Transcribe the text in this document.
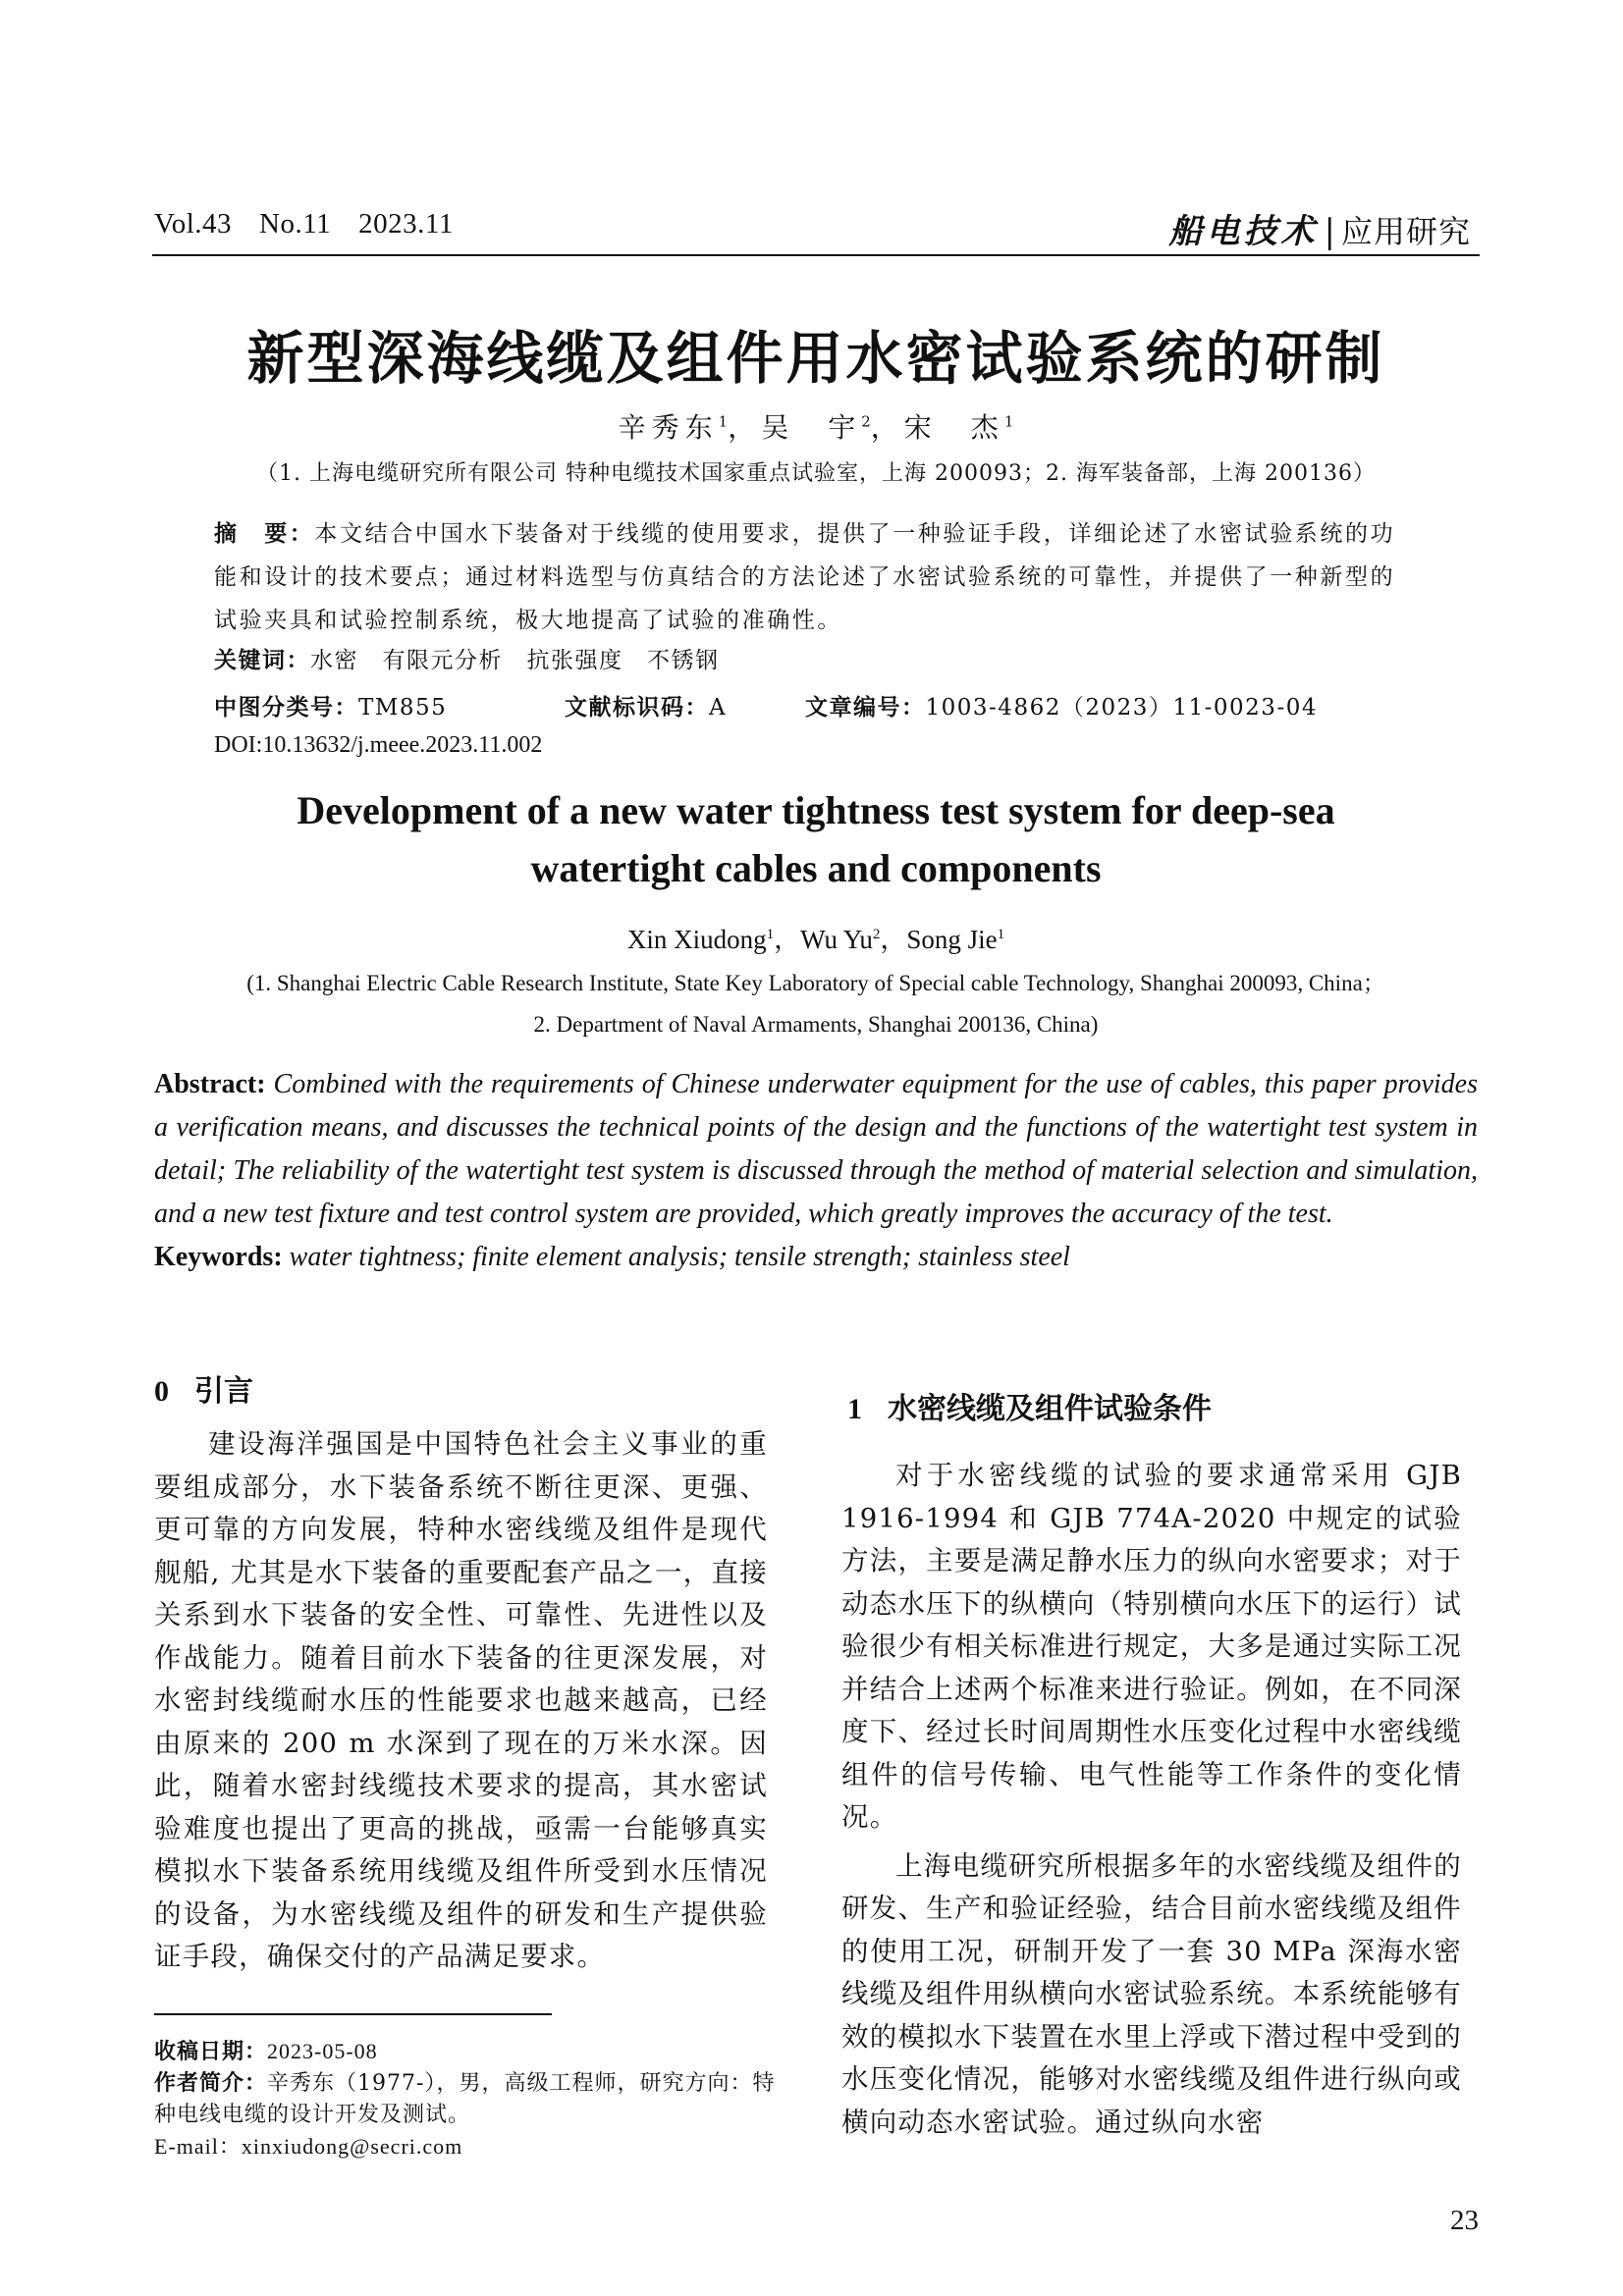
Vol.43 No.11 2023.11	船电技术 | 应用研究
新型深海线缆及组件用水密试验系统的研制
辛秀东$^1$，吴　宇$^2$，宋　杰$^1$
（1. 上海电缆研究所有限公司 特种电缆技术国家重点试验室，上海 200093；2. 海军装备部，上海 200136）
摘　要：本文结合中国水下装备对于线缆的使用要求，提供了一种验证手段，详细论述了水密试验系统的功能和设计的技术要点；通过材料选型与仿真结合的方法论述了水密试验系统的可靠性，并提供了一种新型的试验夹具和试验控制系统，极大地提高了试验的准确性。
关键词：水密  有限元分析  抗张强度  不锈钢
中图分类号：TM855	文献标识码：A	文章编号：1003-4862（2023）11-0023-04
DOI:10.13632/j.meee.2023.11.002
Development of a new water tightness test system for deep-sea
watertight cables and components
Xin Xiudong$^1$，Wu Yu$^2$，Song Jie$^1$
(1. Shanghai Electric Cable Research Institute, State Key Laboratory of Special cable Technology, Shanghai 200093, China；
2. Department of Naval Armaments, Shanghai 200136, China)
Abstract: Combined with the requirements of Chinese underwater equipment for the use of cables, this paper provides a verification means, and discusses the technical points of the design and the functions of the watertight test system in detail; The reliability of the watertight test system is discussed through the method of material selection and simulation, and a new test fixture and test control system are provided, which greatly improves the accuracy of the test.
Keywords: water tightness; finite element analysis; tensile strength; stainless steel
0 引言

建设海洋强国是中国特色社会主义事业的重要组成部分，水下装备系统不断往更深、更强、更可靠的方向发展，特种水密线缆及组件是现代舰船, 尤其是水下装备的重要配套产品之一，直接关系到水下装备的安全性、可靠性、先进性以及作战能力。随着目前水下装备的往更深发展，对水密封线缆耐水压的性能要求也越来越高，已经由原来的 200 m 水深到了现在的万米水深。因此，随着水密封线缆技术要求的提高，其水密试验难度也提出了更高的挑战，亟需一台能够真实模拟水下装备系统用线缆及组件所受到水压情况的设备，为水密线缆及组件的研发和生产提供验证手段，确保交付的产品满足要求。

1 水密线缆及组件试验条件

对于水密线缆的试验的要求通常采用 GJB 1916-1994 和 GJB 774A-2020 中规定的试验方法，主要是满足静水压力的纵向水密要求；对于动态水压下的纵横向（特别横向水压下的运行）试验很少有相关标准进行规定，大多是通过实际工况并结合上述两个标准来进行验证。例如，在不同深度下、经过长时间周期性水压变化过程中水密线缆组件的信号传输、电气性能等工作条件的变化情况。

上海电缆研究所根据多年的水密线缆及组件的研发、生产和验证经验，结合目前水密线缆及组件的使用工况，研制开发了一套 30 MPa 深海水密线缆及组件用纵横向水密试验系统。本系统能够有效的模拟水下装置在水里上浮或下潜过程中受到的水压变化情况，能够对水密线缆及组件进行纵向或横向动态水密试验。通过纵向水密

收稿日期：2023-05-08
作者简介：辛秀东（1977-），男，高级工程师，研究方向：特种电线电缆的设计开发及测试。
E-mail：xinxiudong@secri.com
23
